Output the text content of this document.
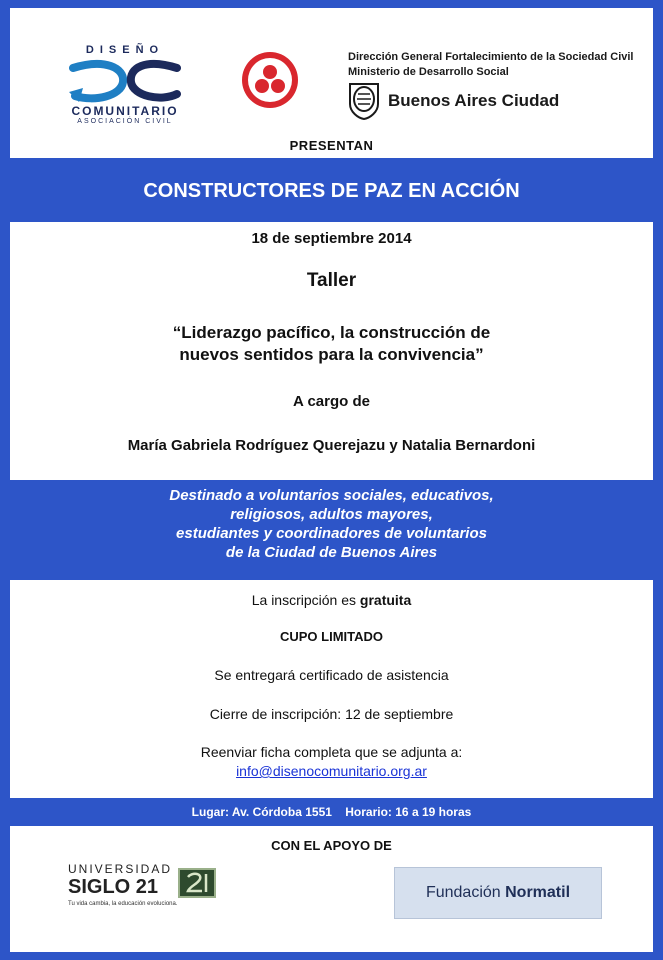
DISEÑO
COMUNITARIO
ASOCIACIÓN CIVIL
Dirección General Fortalecimiento de la Sociedad Civil
Ministerio de Desarrollo Social
Buenos Aires Ciudad
PRESENTAN
CONSTRUCTORES DE PAZ EN ACCIÓN
18 de septiembre 2014
Taller
“Liderazgo pacífico, la construcción de
nuevos sentidos para la convivencia”
A cargo de
María Gabriela Rodríguez Querejazu y Natalia Bernardoni
Destinado a voluntarios sociales, educativos,
religiosos, adultos mayores,
estudiantes y coordinadores de voluntarios
de la Ciudad de Buenos Aires
La inscripción es gratuita
CUPO LIMITADO
Se entregará certificado de asistencia
Cierre de inscripción: 12 de septiembre
Reenviar ficha completa que se adjunta a:
info@disenocomunitario.org.ar
Lugar: Av. Córdoba 1551    Horario: 16 a 19 horas
CON EL APOYO DE
UNIVERSIDAD
SIGLO 21
Tu vida cambia, la educación evoluciona.
Fundación Normatil
